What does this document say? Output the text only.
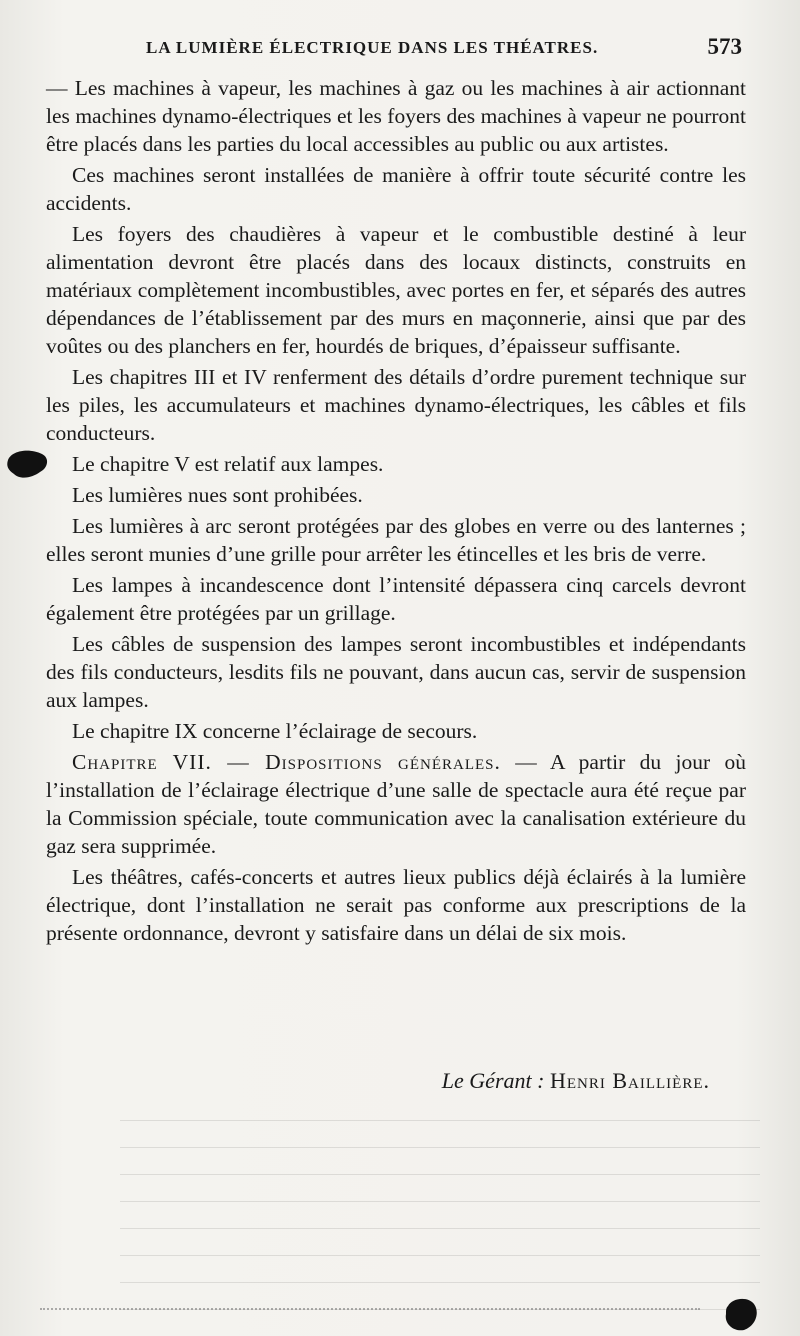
LA LUMIÈRE ÉLECTRIQUE DANS LES THÉATRES.	573

— Les machines à vapeur, les machines à gaz ou les machines à air actionnant les machines dynamo-électriques et les foyers des machines à vapeur ne pourront être placés dans les parties du local accessibles au public ou aux artistes.

Ces machines seront installées de manière à offrir toute sécurité contre les accidents.

Les foyers des chaudières à vapeur et le combustible destiné à leur alimentation devront être placés dans des locaux distincts, construits en matériaux complètement incombustibles, avec portes en fer, et séparés des autres dépendances de l’établissement par des murs en maçonnerie, ainsi que par des voûtes ou des planchers en fer, hourdés de briques, d’épaisseur suffisante.

Les chapitres III et IV renferment des détails d’ordre purement technique sur les piles, les accumulateurs et machines dynamo-électriques, les câbles et fils conducteurs.

Le chapitre V est relatif aux lampes.

Les lumières nues sont prohibées.

Les lumières à arc seront protégées par des globes en verre ou des lanternes ; elles seront munies d’une grille pour arrêter les étincelles et les bris de verre.

Les lampes à incandescence dont l’intensité dépassera cinq carcels devront également être protégées par un grillage.

Les câbles de suspension des lampes seront incombustibles et indépendants des fils conducteurs, lesdits fils ne pouvant, dans aucun cas, servir de suspension aux lampes.

Le chapitre IX concerne l’éclairage de secours.

Chapitre VII. — Dispositions générales. — A partir du jour où l’installation de l’éclairage électrique d’une salle de spectacle aura été reçue par la Commission spéciale, toute communication avec la canalisation extérieure du gaz sera supprimée.

Les théâtres, cafés-concerts et autres lieux publics déjà éclairés à la lumière électrique, dont l’installation ne serait pas conforme aux prescriptions de la présente ordonnance, devront y satisfaire dans un délai de six mois.

Le Gérant : Henri Baillière.
